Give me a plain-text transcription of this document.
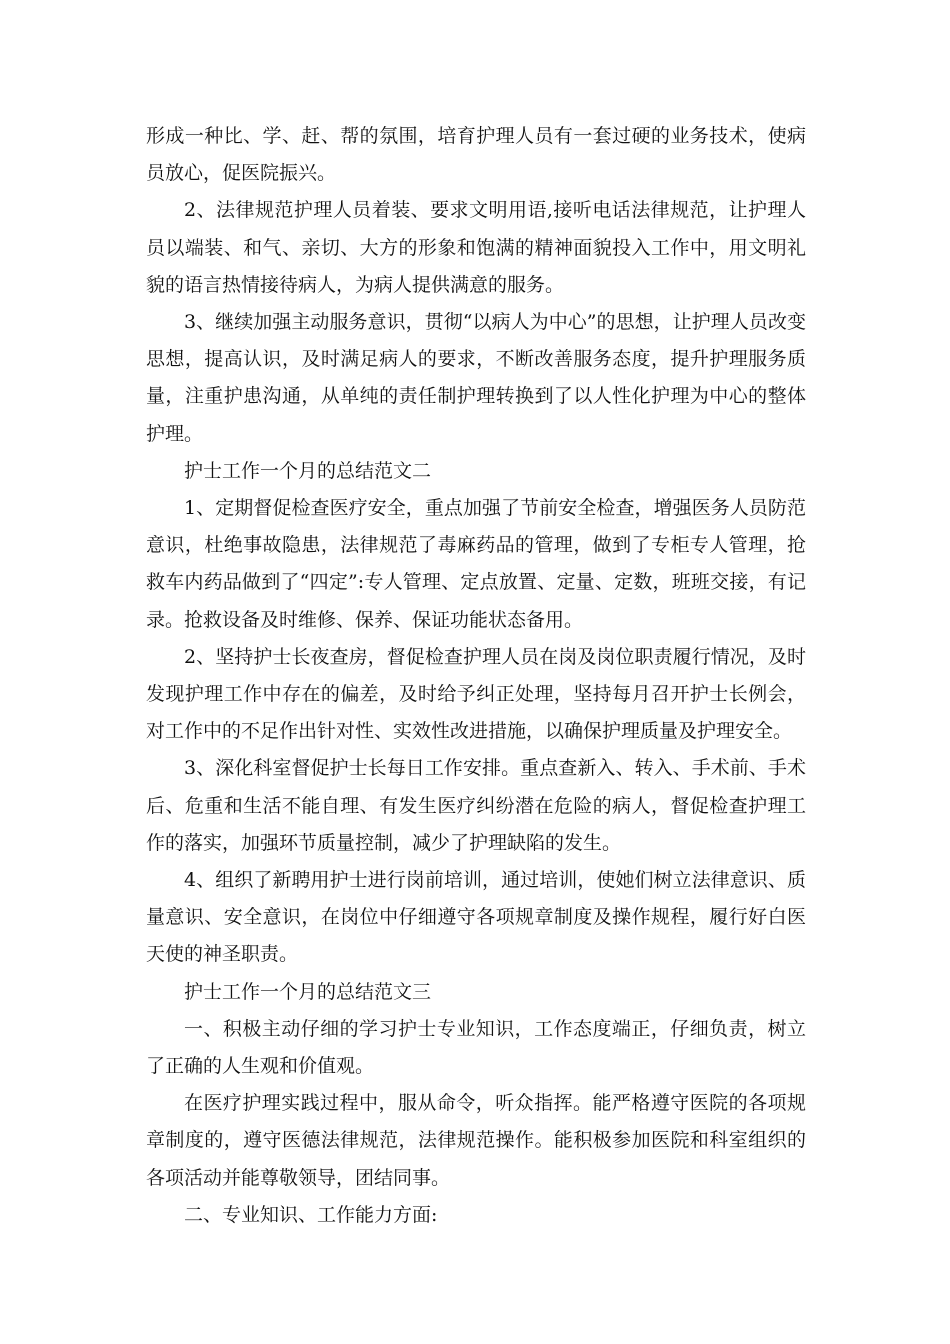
形成一种比、学、赶、帮的氛围，培育护理人员有一套过硬的业务技术，使病员放心，促医院振兴。

2、法律规范护理人员着装、要求文明用语,接听电话法律规范，让护理人员以端装、和气、亲切、大方的形象和饱满的精神面貌投入工作中，用文明礼貌的语言热情接待病人，为病人提供满意的服务。

3、继续加强主动服务意识，贯彻“以病人为中心”的思想，让护理人员改变思想，提高认识，及时满足病人的要求，不断改善服务态度，提升护理服务质量，注重护患沟通，从单纯的责任制护理转换到了以人性化护理为中心的整体护理。

护士工作一个月的总结范文二

1、定期督促检查医疗安全，重点加强了节前安全检查，增强医务人员防范意识，杜绝事故隐患，法律规范了毒麻药品的管理，做到了专柜专人管理，抢救车内药品做到了“四定”:专人管理、定点放置、定量、定数，班班交接，有记录。抢救设备及时维修、保养、保证功能状态备用。

2、坚持护士长夜查房，督促检查护理人员在岗及岗位职责履行情况，及时发现护理工作中存在的偏差，及时给予纠正处理，坚持每月召开护士长例会，对工作中的不足作出针对性、实效性改进措施，以确保护理质量及护理安全。

3、深化科室督促护士长每日工作安排。重点查新入、转入、手术前、手术后、危重和生活不能自理、有发生医疗纠纷潜在危险的病人，督促检查护理工作的落实，加强环节质量控制，减少了护理缺陷的发生。

4、组织了新聘用护士进行岗前培训，通过培训，使她们树立法律意识、质量意识、安全意识，在岗位中仔细遵守各项规章制度及操作规程，履行好白医天使的神圣职责。

护士工作一个月的总结范文三

一、积极主动仔细的学习护士专业知识，工作态度端正，仔细负责，树立了正确的人生观和价值观。

在医疗护理实践过程中，服从命令，听众指挥。能严格遵守医院的各项规章制度的，遵守医德法律规范，法律规范操作。能积极参加医院和科室组织的各项活动并能尊敬领导，团结同事。

二、专业知识、工作能力方面:
